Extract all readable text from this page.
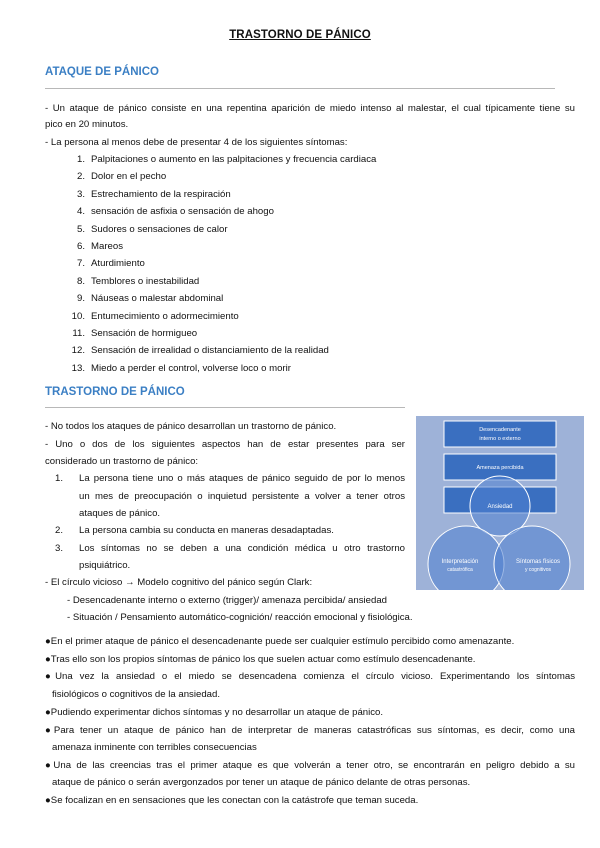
TRASTORNO DE PÁNICO
ATAQUE DE PÁNICO
- Un ataque de pánico consiste en una repentina aparición de miedo intenso al malestar, el cual típicamente tiene su
pico en 20 minutos.
- La persona al menos debe de presentar 4 de los siguientes síntomas:
1. Palpitaciones o aumento en las palpitaciones y frecuencia cardiaca
2. Dolor en el pecho
3. Estrechamiento de la respiración
4. sensación de asfixia o sensación de ahogo
5. Sudores o sensaciones de calor
6. Mareos
7. Aturdimiento
8. Temblores o inestabilidad
9. Náuseas o malestar abdominal
10. Entumecimiento o adormecimiento
11. Sensación de hormigueo
12. Sensación de irrealidad o distanciamiento de la realidad
13. Miedo a perder el control, volverse loco o morir
TRASTORNO DE PÁNICO
- No todos los ataques de pánico desarrollan un trastorno de pánico.
- Uno o dos de los siguientes aspectos han de estar presentes para ser
considerado un trastorno de pánico:
1. La persona tiene uno o más ataques de pánico seguido de por lo menos
un mes de preocupación o inquietud persistente a volver a tener otros
ataques de pánico.
2. La persona cambia su conducta en maneras desadaptadas.
3. Los síntomas no se deben a una condición médica u otro trastorno
psiquiátrico.
- El círculo vicioso → Modelo cognitivo del pánico según Clark:
- Desencadenante interno o externo (trigger)/ amenaza percibida/ ansiedad
- Situación / Pensamiento automático-cognición/ reacción emocional y fisiológica.
Desencadenante
interno o externo
Amenaza percibida
Ansiedad
Interpretación
catastrófica
Síntomas físicos
y cognitivos
●En el primer ataque de pánico el desencadenante puede ser cualquier estímulo percibido como amenazante.
●Tras ello son los propios síntomas de pánico los que suelen actuar como estímulo desencadenante.
●Una vez la ansiedad o el miedo se desencadena comienza el círculo vicioso. Experimentando los síntomas
fisiológicos o cognitivos de la ansiedad.
●Pudiendo experimentar dichos síntomas y no desarrollar un ataque de pánico.
●Para tener un ataque de pánico han de interpretar de maneras catastróficas sus síntomas, es decir, como una
amenaza inminente con terribles consecuencias
●Una de las creencias tras el primer ataque es que volverán a tener otro, se encontrarán en peligro debido a su
ataque de pánico o serán avergonzados por tener un ataque de pánico delante de otras personas.
●Se focalizan en en sensaciones que les conectan con la catástrofe que teman suceda.
